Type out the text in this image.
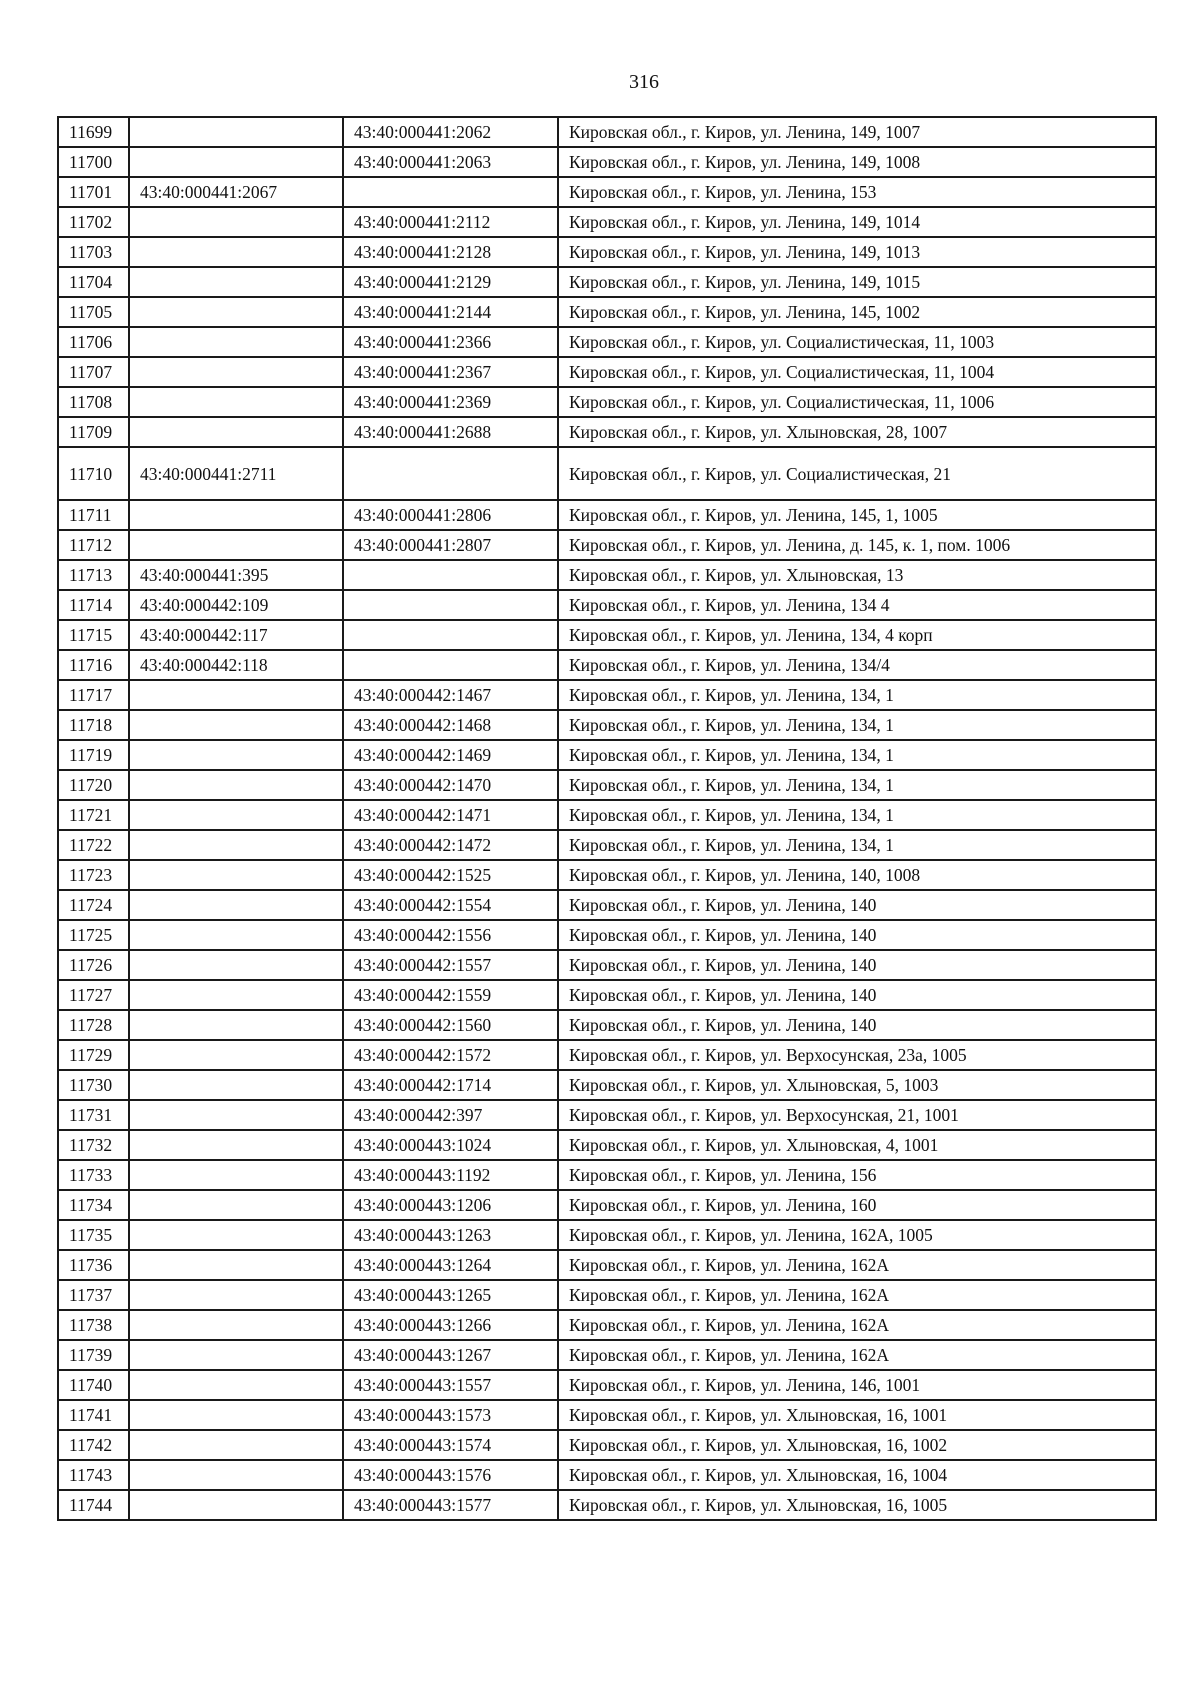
316
11699		43:40:000441:2062	Кировская обл., г. Киров, ул. Ленина, 149, 1007
11700		43:40:000441:2063	Кировская обл., г. Киров, ул. Ленина, 149, 1008
11701	43:40:000441:2067		Кировская обл., г. Киров, ул. Ленина, 153
11702		43:40:000441:2112	Кировская обл., г. Киров, ул. Ленина, 149, 1014
11703		43:40:000441:2128	Кировская обл., г. Киров, ул. Ленина, 149, 1013
11704		43:40:000441:2129	Кировская обл., г. Киров, ул. Ленина, 149, 1015
11705		43:40:000441:2144	Кировская обл., г. Киров, ул. Ленина, 145, 1002
11706		43:40:000441:2366	Кировская обл., г. Киров, ул. Социалистическая, 11, 1003
11707		43:40:000441:2367	Кировская обл., г. Киров, ул. Социалистическая, 11, 1004
11708		43:40:000441:2369	Кировская обл., г. Киров, ул. Социалистическая, 11, 1006
11709		43:40:000441:2688	Кировская обл., г. Киров, ул. Хлыновская, 28, 1007
11710	43:40:000441:2711		Кировская обл., г. Киров, ул. Социалистическая, 21
11711		43:40:000441:2806	Кировская обл., г. Киров, ул. Ленина, 145, 1, 1005
11712		43:40:000441:2807	Кировская обл., г. Киров, ул. Ленина, д. 145, к. 1, пом. 1006
11713	43:40:000441:395		Кировская обл., г. Киров, ул. Хлыновская, 13
11714	43:40:000442:109		Кировская обл., г. Киров, ул. Ленина, 134 4
11715	43:40:000442:117		Кировская обл., г. Киров, ул. Ленина, 134, 4 корп
11716	43:40:000442:118		Кировская обл., г. Киров, ул. Ленина, 134/4
11717		43:40:000442:1467	Кировская обл., г. Киров, ул. Ленина, 134, 1
11718		43:40:000442:1468	Кировская обл., г. Киров, ул. Ленина, 134, 1
11719		43:40:000442:1469	Кировская обл., г. Киров, ул. Ленина, 134, 1
11720		43:40:000442:1470	Кировская обл., г. Киров, ул. Ленина, 134, 1
11721		43:40:000442:1471	Кировская обл., г. Киров, ул. Ленина, 134, 1
11722		43:40:000442:1472	Кировская обл., г. Киров, ул. Ленина, 134, 1
11723		43:40:000442:1525	Кировская обл., г. Киров, ул. Ленина, 140, 1008
11724		43:40:000442:1554	Кировская обл., г. Киров, ул. Ленина, 140
11725		43:40:000442:1556	Кировская обл., г. Киров, ул. Ленина, 140
11726		43:40:000442:1557	Кировская обл., г. Киров, ул. Ленина, 140
11727		43:40:000442:1559	Кировская обл., г. Киров, ул. Ленина, 140
11728		43:40:000442:1560	Кировская обл., г. Киров, ул. Ленина, 140
11729		43:40:000442:1572	Кировская обл., г. Киров, ул. Верхосунская, 23а, 1005
11730		43:40:000442:1714	Кировская обл., г. Киров, ул. Хлыновская, 5, 1003
11731		43:40:000442:397	Кировская обл., г. Киров, ул. Верхосунская, 21, 1001
11732		43:40:000443:1024	Кировская обл., г. Киров, ул. Хлыновская, 4, 1001
11733		43:40:000443:1192	Кировская обл., г. Киров, ул. Ленина, 156
11734		43:40:000443:1206	Кировская обл., г. Киров, ул. Ленина, 160
11735		43:40:000443:1263	Кировская обл., г. Киров, ул. Ленина, 162А, 1005
11736		43:40:000443:1264	Кировская обл., г. Киров, ул. Ленина, 162А
11737		43:40:000443:1265	Кировская обл., г. Киров, ул. Ленина, 162А
11738		43:40:000443:1266	Кировская обл., г. Киров, ул. Ленина, 162А
11739		43:40:000443:1267	Кировская обл., г. Киров, ул. Ленина, 162А
11740		43:40:000443:1557	Кировская обл., г. Киров, ул. Ленина, 146, 1001
11741		43:40:000443:1573	Кировская обл., г. Киров, ул. Хлыновская, 16, 1001
11742		43:40:000443:1574	Кировская обл., г. Киров, ул. Хлыновская, 16, 1002
11743		43:40:000443:1576	Кировская обл., г. Киров, ул. Хлыновская, 16, 1004
11744		43:40:000443:1577	Кировская обл., г. Киров, ул. Хлыновская, 16, 1005
